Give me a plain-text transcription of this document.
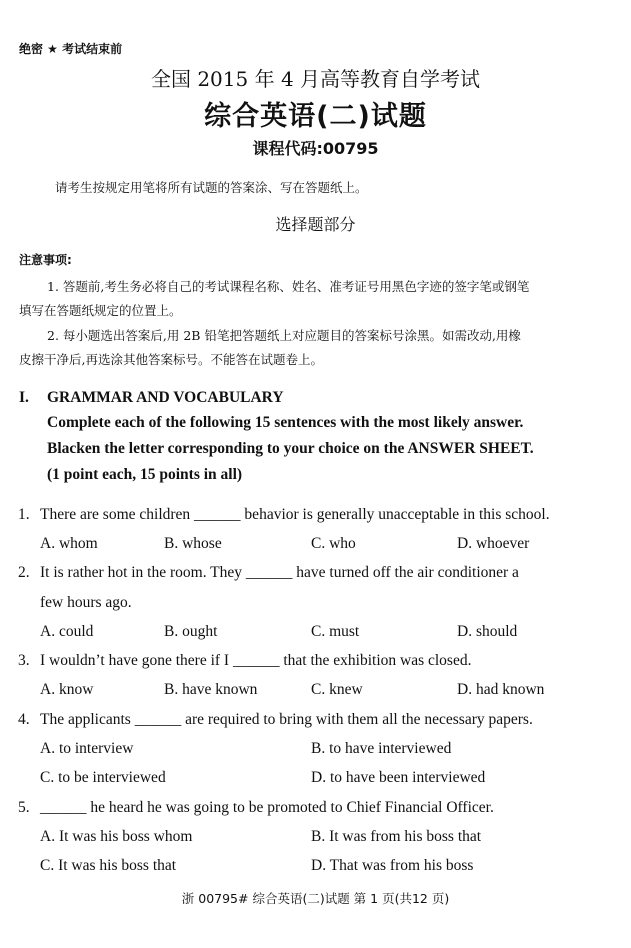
绝密 ★ 考试结束前
全国 2015 年 4 月高等教育自学考试
综合英语(二)试题
课程代码:00795
请考生按规定用笔将所有试题的答案涂、写在答题纸上。
选择题部分
注意事项:
1. 答题前,考生务必将自己的考试课程名称、姓名、准考证号用黑色字迹的签字笔或钢笔
填写在答题纸规定的位置上。
2. 每小题选出答案后,用 2B 铅笔把答题纸上对应题目的答案标号涂黑。如需改动,用橡
皮擦干净后,再选涂其他答案标号。不能答在试题卷上。
I. GRAMMAR AND VOCABULARY
Complete each of the following 15 sentences with the most likely answer.
Blacken the letter corresponding to your choice on the ANSWER SHEET.
(1 point each, 15 points in all)
1. There are some children ______ behavior is generally unacceptable in this school.
A. whom	B. whose	C. who	D. whoever
2. It is rather hot in the room. They ______ have turned off the air conditioner a
few hours ago.
A. could	B. ought	C. must	D. should
3. I wouldn’t have gone there if I ______ that the exhibition was closed.
A. know	B. have known	C. knew	D. had known
4. The applicants ______ are required to bring with them all the necessary papers.
A. to interview	B. to have interviewed
C. to be interviewed	D. to have been interviewed
5. ______ he heard he was going to be promoted to Chief Financial Officer.
A. It was his boss whom	B. It was from his boss that
C. It was his boss that	D. That was from his boss
浙 00795# 综合英语(二)试题 第 1 页(共12 页)
